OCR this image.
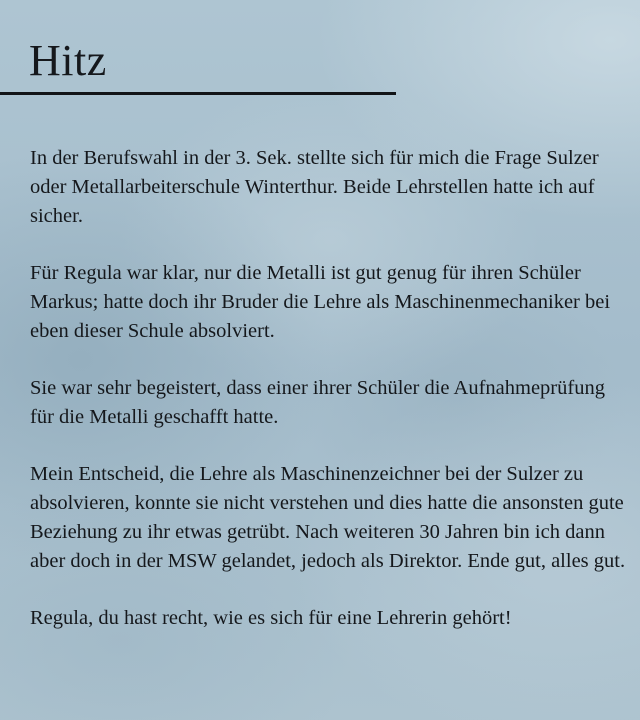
Hitz

In der Berufswahl in der 3. Sek. stellte sich für mich die Frage Sulzer oder Metallarbeiterschule Winterthur. Beide Lehrstellen hatte ich auf sicher.

Für Regula war klar, nur die Metalli ist gut genug für ihren Schüler Markus; hatte doch ihr Bruder die Lehre als Maschinenmechaniker bei eben dieser Schule absolviert.

Sie war sehr begeistert, dass einer ihrer Schüler die Aufnahmeprüfung für die Metalli geschafft hatte.

Mein Entscheid, die Lehre als Maschinenzeichner bei der Sulzer zu absolvieren, konnte sie nicht verstehen und dies hatte die ansonsten gute Beziehung zu ihr etwas getrübt. Nach weiteren 30 Jahren bin ich dann aber doch in der MSW gelandet, jedoch als Direktor. Ende gut, alles gut.

Regula, du hast recht, wie es sich für eine Lehrerin gehört!
